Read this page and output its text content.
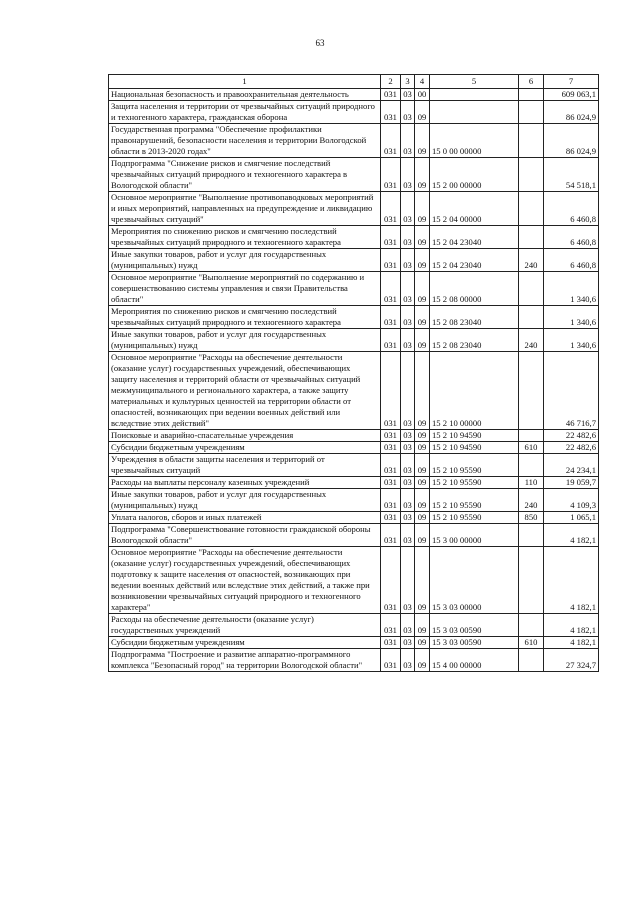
63
1	2	3	4	5	6	7
Национальная безопасность и правоохранительная деятельность	031	03	00			609 063,1
Защита населения и территории от чрезвычайных ситуаций природного и техногенного характера, гражданская оборона	031	03	09			86 024,9
Государственная программа "Обеспечение профилактики правонарушений, безопасности населения и территории Вологодской области в 2013-2020 годах"	031	03	09	15 0 00 00000		86 024,9
Подпрограмма "Снижение рисков и смягчение последствий чрезвычайных ситуаций природного и техногенного характера в Вологодской области"	031	03	09	15 2 00 00000		54 518,1
Основное мероприятие "Выполнение противопаводковых мероприятий и иных мероприятий, направленных на предупреждение и ликвидацию чрезвычайных ситуаций"	031	03	09	15 2 04 00000		6 460,8
Мероприятия по снижению рисков и смягчению последствий чрезвычайных ситуаций природного и техногенного характера	031	03	09	15 2 04 23040		6 460,8
Иные закупки товаров, работ и услуг для государственных (муниципальных) нужд	031	03	09	15 2 04 23040	240	6 460,8
Основное мероприятие "Выполнение мероприятий по содержанию и совершенствованию системы управления и связи Правительства области"	031	03	09	15 2 08 00000		1 340,6
Мероприятия по снижению рисков и смягчению последствий чрезвычайных ситуаций природного и техногенного характера	031	03	09	15 2 08 23040		1 340,6
Иные закупки товаров, работ и услуг для государственных (муниципальных) нужд	031	03	09	15 2 08 23040	240	1 340,6
Основное мероприятие "Расходы на обеспечение деятельности (оказание услуг) государственных учреждений, обеспечивающих защиту населения и территорий области от чрезвычайных ситуаций межмуниципального и регионального характера, а также защиту материальных и культурных ценностей на территории области от опасностей, возникающих при ведении военных действий или вследствие этих действий"	031	03	09	15 2 10 00000		46 716,7
Поисковые и аварийно-спасательные учреждения	031	03	09	15 2 10 94590		22 482,6
Субсидии бюджетным учреждениям	031	03	09	15 2 10 94590	610	22 482,6
Учреждения в области защиты населения и территорий от чрезвычайных ситуаций	031	03	09	15 2 10 95590		24 234,1
Расходы на выплаты персоналу казенных учреждений	031	03	09	15 2 10 95590	110	19 059,7
Иные закупки товаров, работ и услуг для государственных (муниципальных) нужд	031	03	09	15 2 10 95590	240	4 109,3
Уплата налогов, сборов и иных платежей	031	03	09	15 2 10 95590	850	1 065,1
Подпрограмма "Совершенствование готовности гражданской обороны Вологодской области"	031	03	09	15 3 00 00000		4 182,1
Основное мероприятие "Расходы на обеспечение деятельности (оказание услуг) государственных учреждений, обеспечивающих подготовку к защите населения от опасностей, возникающих при ведении военных действий или вследствие этих действий, а также при возникновении чрезвычайных ситуаций природного и техногенного характера"	031	03	09	15 3 03 00000		4 182,1
Расходы на обеспечение деятельности (оказание услуг) государственных учреждений	031	03	09	15 3 03 00590		4 182,1
Субсидии бюджетным учреждениям	031	03	09	15 3 03 00590	610	4 182,1
Подпрограмма "Построение и развитие аппаратно-программного комплекса "Безопасный город" на территории Вологодской области"	031	03	09	15 4 00 00000		27 324,7
